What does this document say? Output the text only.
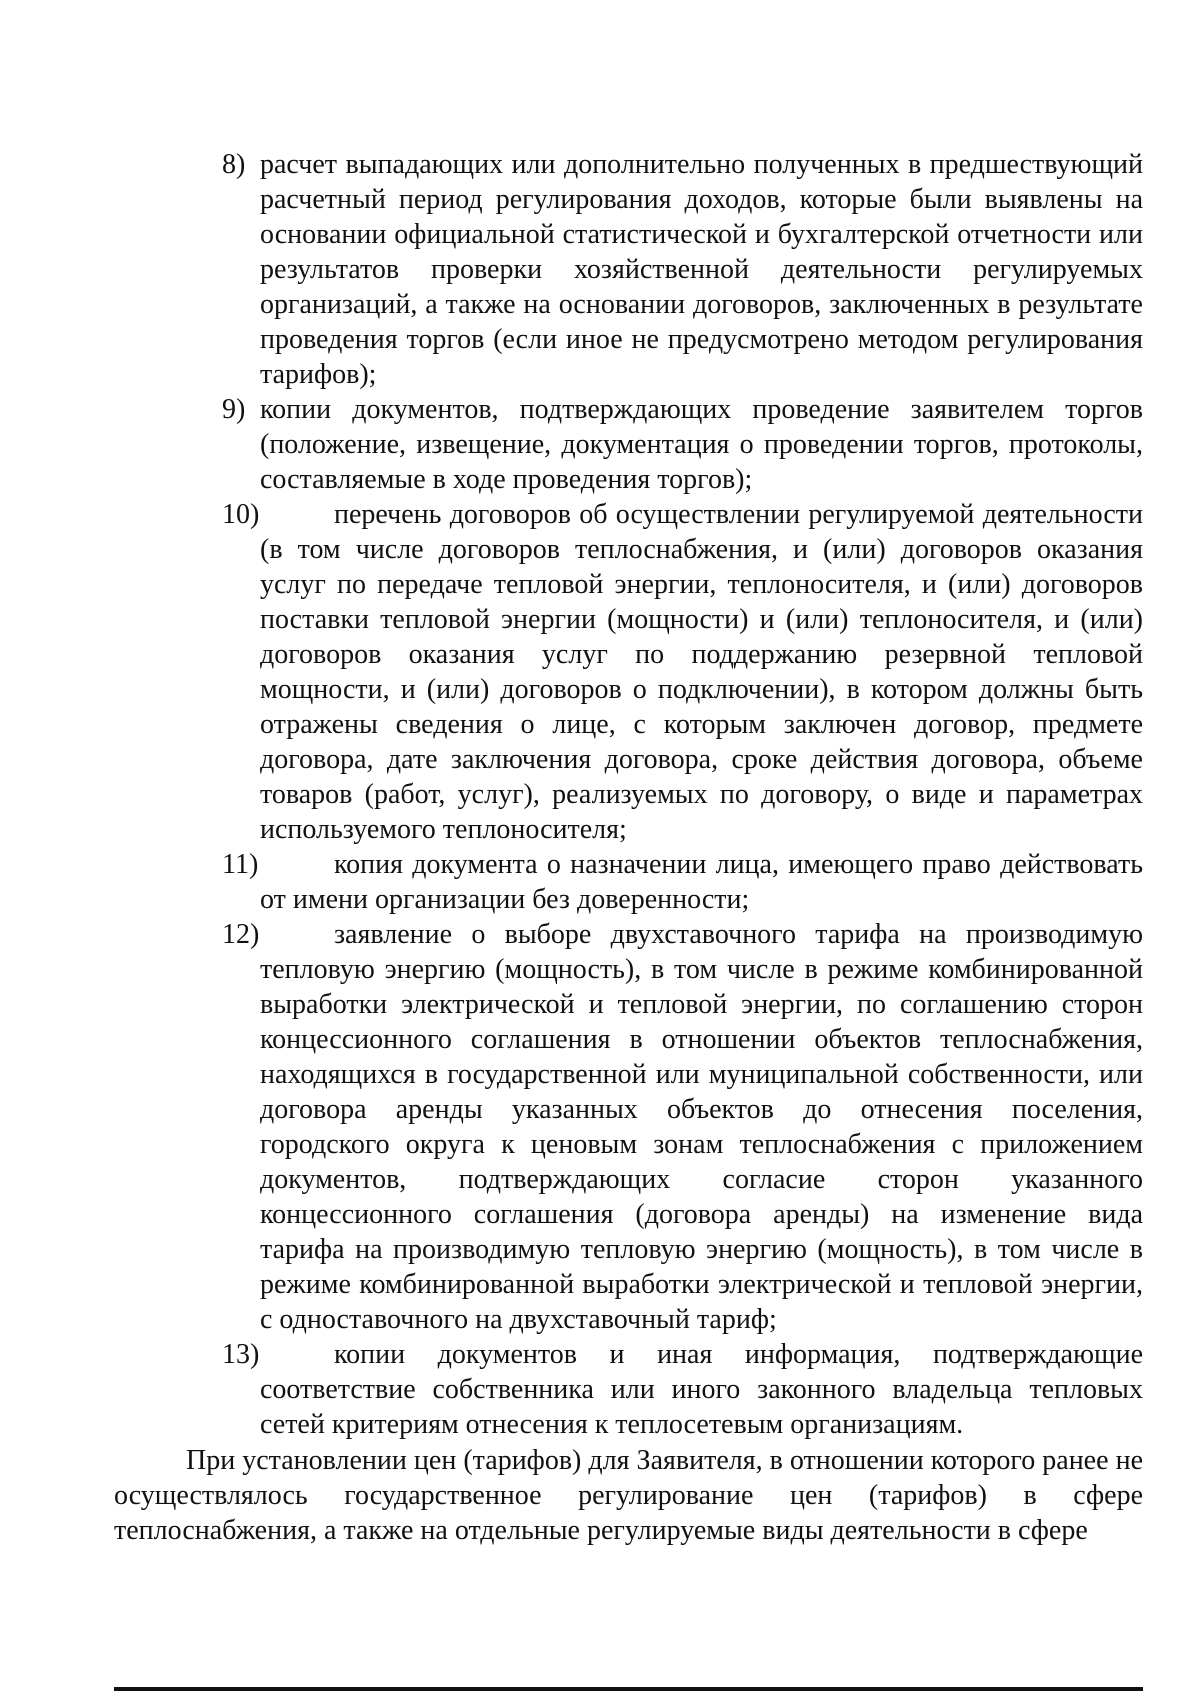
8) расчет выпадающих или дополнительно полученных в предшествующий расчетный период регулирования доходов, которые были выявлены на основании официальной статистической и бухгалтерской отчетности или результатов проверки хозяйственной деятельности регулируемых организаций, а также на основании договоров, заключенных в результате проведения торгов (если иное не предусмотрено методом регулирования тарифов);
9) копии документов, подтверждающих проведение заявителем торгов (положение, извещение, документация о проведении торгов, протоколы, составляемые в ходе проведения торгов);
10)	перечень договоров об осуществлении регулируемой деятельности (в том числе договоров теплоснабжения, и (или) договоров оказания услуг по передаче тепловой энергии, теплоносителя, и (или) договоров поставки тепловой энергии (мощности) и (или) теплоносителя, и (или) договоров оказания услуг по поддержанию резервной тепловой мощности, и (или) договоров о подключении), в котором должны быть отражены сведения о лице, с которым заключен договор, предмете договора, дате заключения договора, сроке действия договора, объеме товаров (работ, услуг), реализуемых по договору, о виде и параметрах используемого теплоносителя;
11)	копия документа о назначении лица, имеющего право действовать от имени организации без доверенности;
12)	заявление о выборе двухставочного тарифа на производимую тепловую энергию (мощность), в том числе в режиме комбинированной выработки электрической и тепловой энергии, по соглашению сторон концессионного соглашения в отношении объектов теплоснабжения, находящихся в государственной или муниципальной собственности, или договора аренды указанных объектов до отнесения поселения, городского округа к ценовым зонам теплоснабжения с приложением документов, подтверждающих согласие сторон указанного концессионного соглашения (договора аренды) на изменение вида тарифа на производимую тепловую энергию (мощность), в том числе в режиме комбинированной выработки электрической и тепловой энергии, с одноставочного на двухставочный тариф;
13)	копии документов и иная информация, подтверждающие соответствие собственника или иного законного владельца тепловых сетей критериям отнесения к теплосетевым организациям.
При установлении цен (тарифов) для Заявителя, в отношении которого ранее не осуществлялось государственное регулирование цен (тарифов) в сфере теплоснабжения, а также на отдельные регулируемые виды деятельности в сфере
